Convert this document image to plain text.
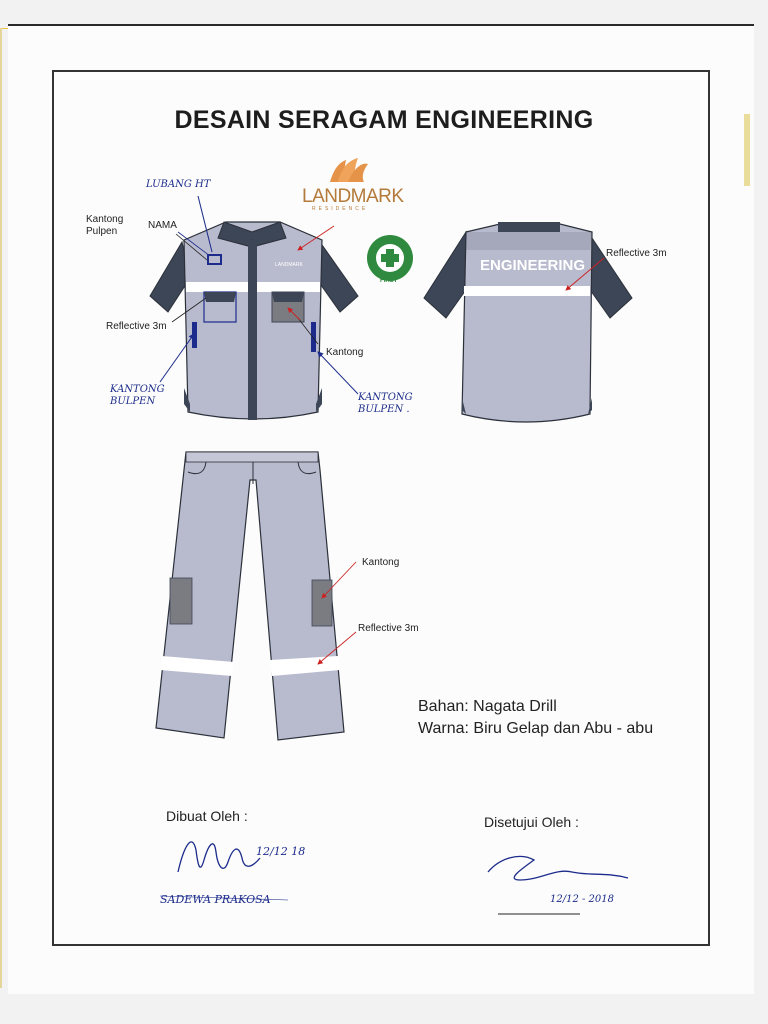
DESAIN SERAGAM ENGINEERING
LANDMARK
RESIDENCE
SAFETY
FIRST
ENGINEERING
LANDMARK
Kantong
Pulpen
NAMA
Reflective 3m
Kantong
Reflective 3m
Kantong
Reflective 3m
LUBANG HT
KANTONG
BULPEN	KANTONG
BULPEN .
Bahan: Nagata Drill
Warna: Biru Gelap dan Abu - abu
Dibuat Oleh :
12/12 18
SADEWA PRAKOSA
Disetujui Oleh :
12/12 - 2018
